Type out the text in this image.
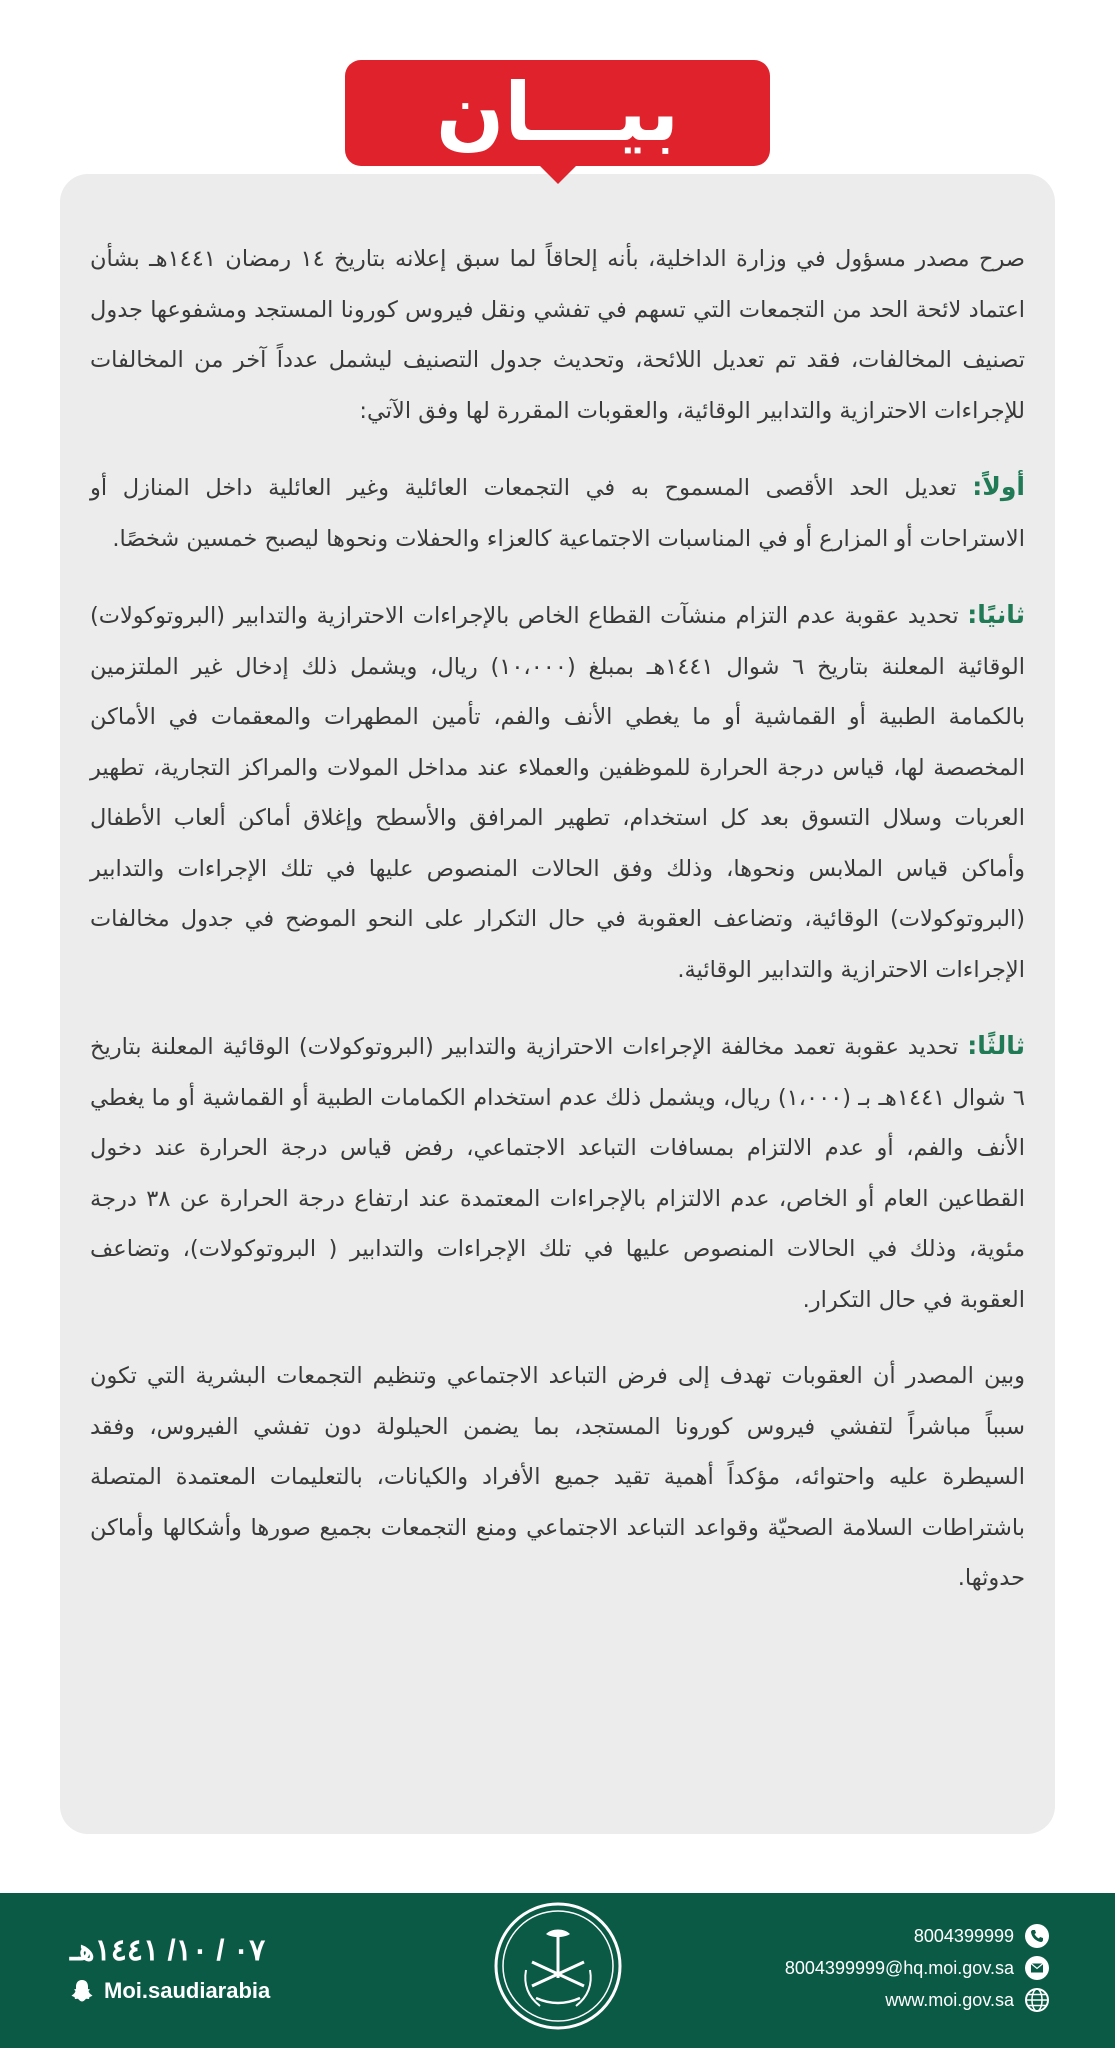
بيـــان

صرح مصدر مسؤول في وزارة الداخلية، بأنه إلحاقاً لما سبق إعلانه بتاريخ ١٤ رمضان ١٤٤١هـ بشأن اعتماد لائحة الحد من التجمعات التي تسهم في تفشي ونقل فيروس كورونا المستجد ومشفوعها جدول تصنيف المخالفات، فقد تم تعديل اللائحة، وتحديث جدول التصنيف ليشمل عدداً آخر من المخالفات للإجراءات الاحترازية والتدابير الوقائية، والعقوبات المقررة لها وفق الآتي:

أولاً: تعديل الحد الأقصى المسموح به في التجمعات العائلية وغير العائلية داخل المنازل أو الاستراحات أو المزارع أو في المناسبات الاجتماعية كالعزاء والحفلات ونحوها ليصبح خمسين شخصًا.

ثانيًا: تحديد عقوبة عدم التزام منشآت القطاع الخاص بالإجراءات الاحترازية والتدابير (البروتوكولات) الوقائية المعلنة بتاريخ ٦ شوال ١٤٤١هـ بمبلغ (١٠،٠٠٠) ريال، ويشمل ذلك إدخال غير الملتزمين بالكمامة الطبية أو القماشية أو ما يغطي الأنف والفم، تأمين المطهرات والمعقمات في الأماكن المخصصة لها، قياس درجة الحرارة للموظفين والعملاء عند مداخل المولات والمراكز التجارية، تطهير العربات وسلال التسوق بعد كل استخدام، تطهير المرافق والأسطح وإغلاق أماكن ألعاب الأطفال وأماكن قياس الملابس ونحوها، وذلك وفق الحالات المنصوص عليها في تلك الإجراءات والتدابير (البروتوكولات) الوقائية، وتضاعف العقوبة في حال التكرار على النحو الموضح في جدول مخالفات الإجراءات الاحترازية والتدابير الوقائية.

ثالثًا: تحديد عقوبة تعمد مخالفة الإجراءات الاحترازية والتدابير (البروتوكولات) الوقائية المعلنة بتاريخ ٦ شوال ١٤٤١هـ بـ (١،٠٠٠) ريال، ويشمل ذلك عدم استخدام الكمامات الطبية أو القماشية أو ما يغطي الأنف والفم، أو عدم الالتزام بمسافات التباعد الاجتماعي، رفض قياس درجة الحرارة عند دخول القطاعين العام أو الخاص، عدم الالتزام بالإجراءات المعتمدة عند ارتفاع درجة الحرارة عن ٣٨ درجة مئوية، وذلك في الحالات المنصوص عليها في تلك الإجراءات والتدابير ( البروتوكولات)، وتضاعف العقوبة في حال التكرار.

وبين المصدر أن العقوبات تهدف إلى فرض التباعد الاجتماعي وتنظيم التجمعات البشرية التي تكون سبباً مباشراً لتفشي فيروس كورونا المستجد، بما يضمن الحيلولة دون تفشي الفيروس، وفقد السيطرة عليه واحتوائه، مؤكداً أهمية تقيد جميع الأفراد والكيانات، بالتعليمات المعتمدة المتصلة باشتراطات السلامة الصحيّة وقواعد التباعد الاجتماعي ومنع التجمعات بجميع صورها وأشكالها وأماكن حدوثها.

٠٧ / ١٠/ ١٤٤١هـ
Moi.saudiarabia
8004399999
8004399999@hq.moi.gov.sa
www.moi.gov.sa
